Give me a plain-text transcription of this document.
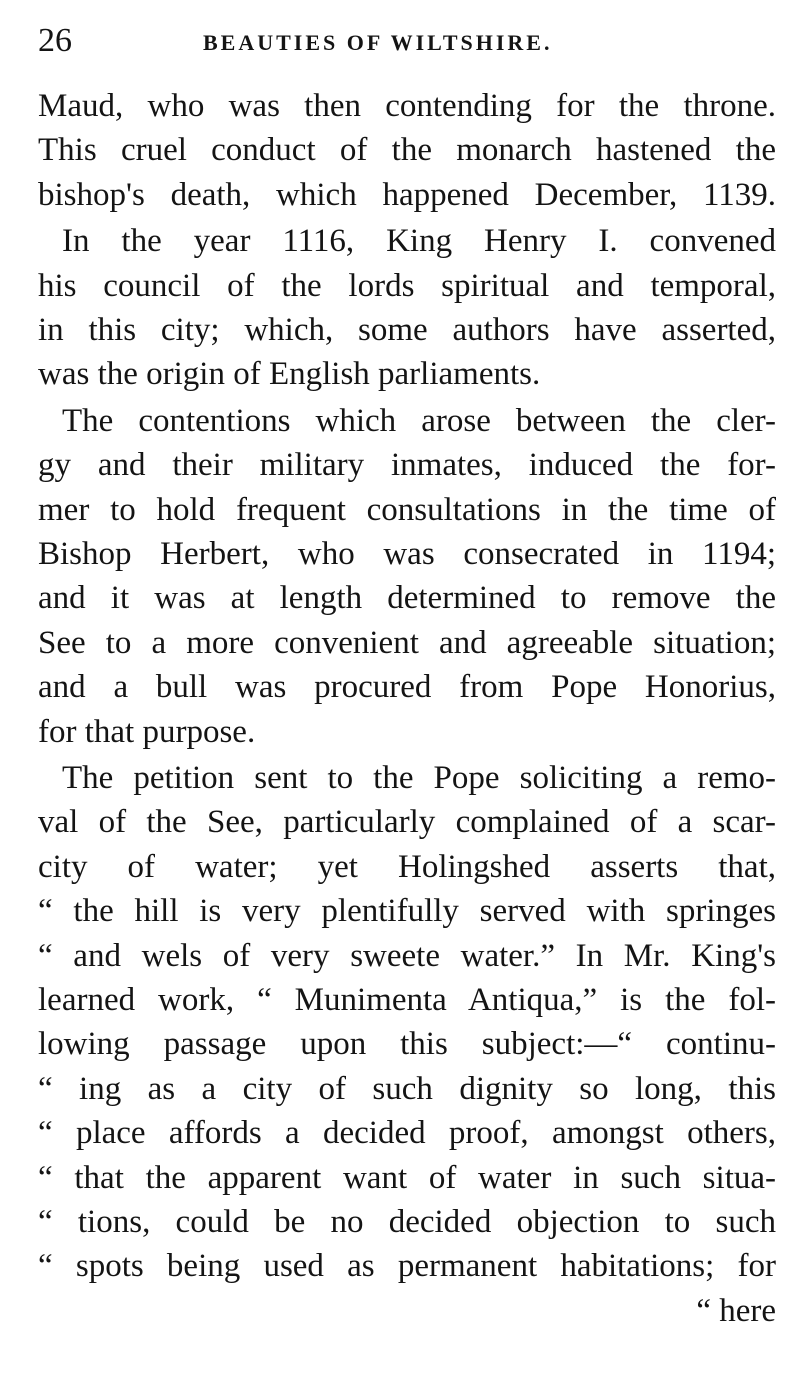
26	BEAUTIES OF WILTSHIRE.
Maud, who was then contending for the throne.
This cruel conduct of the monarch hastened the
bishop's death, which happened December, 1139.
In the year 1116, King Henry I. convened
his council of the lords spiritual and temporal,
in this city; which, some authors have asserted,
was the origin of English parliaments.
The contentions which arose between the cler-
gy and their military inmates, induced the for-
mer to hold frequent consultations in the time of
Bishop Herbert, who was consecrated in 1194;
and it was at length determined to remove the
See to a more convenient and agreeable situation;
and a bull was procured from Pope Honorius,
for that purpose.
The petition sent to the Pope soliciting a remo-
val of the See, particularly complained of a scar-
city of water; yet Holingshed asserts that,
“ the hill is very plentifully served with springes
“ and wels of very sweete water.” In Mr. King's
learned work, “ Munimenta Antiqua,” is the fol-
lowing passage upon this subject:—“ continu-
“ ing as a city of such dignity so long, this
“ place affords a decided proof, amongst others,
“ that the apparent want of water in such situa-
“ tions, could be no decided objection to such
“ spots being used as permanent habitations; for
“ here
